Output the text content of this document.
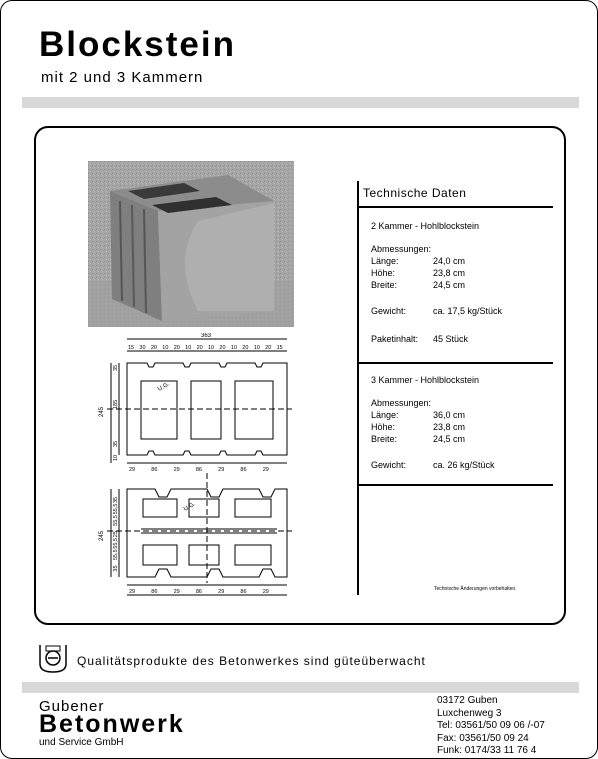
Blockstein
mit 2 und 3 Kammern
363
245
245
U.G.
U.G.
15 30 20 10 20 10 20 10 20 10 20 10 20 15
35
185
35
10
29	86	29	86	29	86	29
35
55,5
55,5
25
55,5
55,5
35
29	86	29	86	29	86	29
Technische Daten
2 Kammer - Hohlblockstein
Abmessungen:
Länge:	24,0 cm
Höhe:	23,8 cm
Breite:	24,5 cm
Gewicht:	ca. 17,5 kg/Stück
Paketinhalt: 45 Stück
3 Kammer - Hohlblockstein
Abmessungen:
Länge:	36,0 cm
Höhe:	23,8 cm
Breite:	24,5 cm
Gewicht:	ca. 26 kg/Stück
Technische Änderungen vorbehalten.
Qualitätsprodukte des Betonwerkes sind güteüberwacht
Gubener
Betonwerk
und Service GmbH
03172 Guben
Luxchenweg 3
Tel: 03561/50 09 06 /-07
Fax: 03561/50 09 24
Funk: 0174/33 11 76 4
